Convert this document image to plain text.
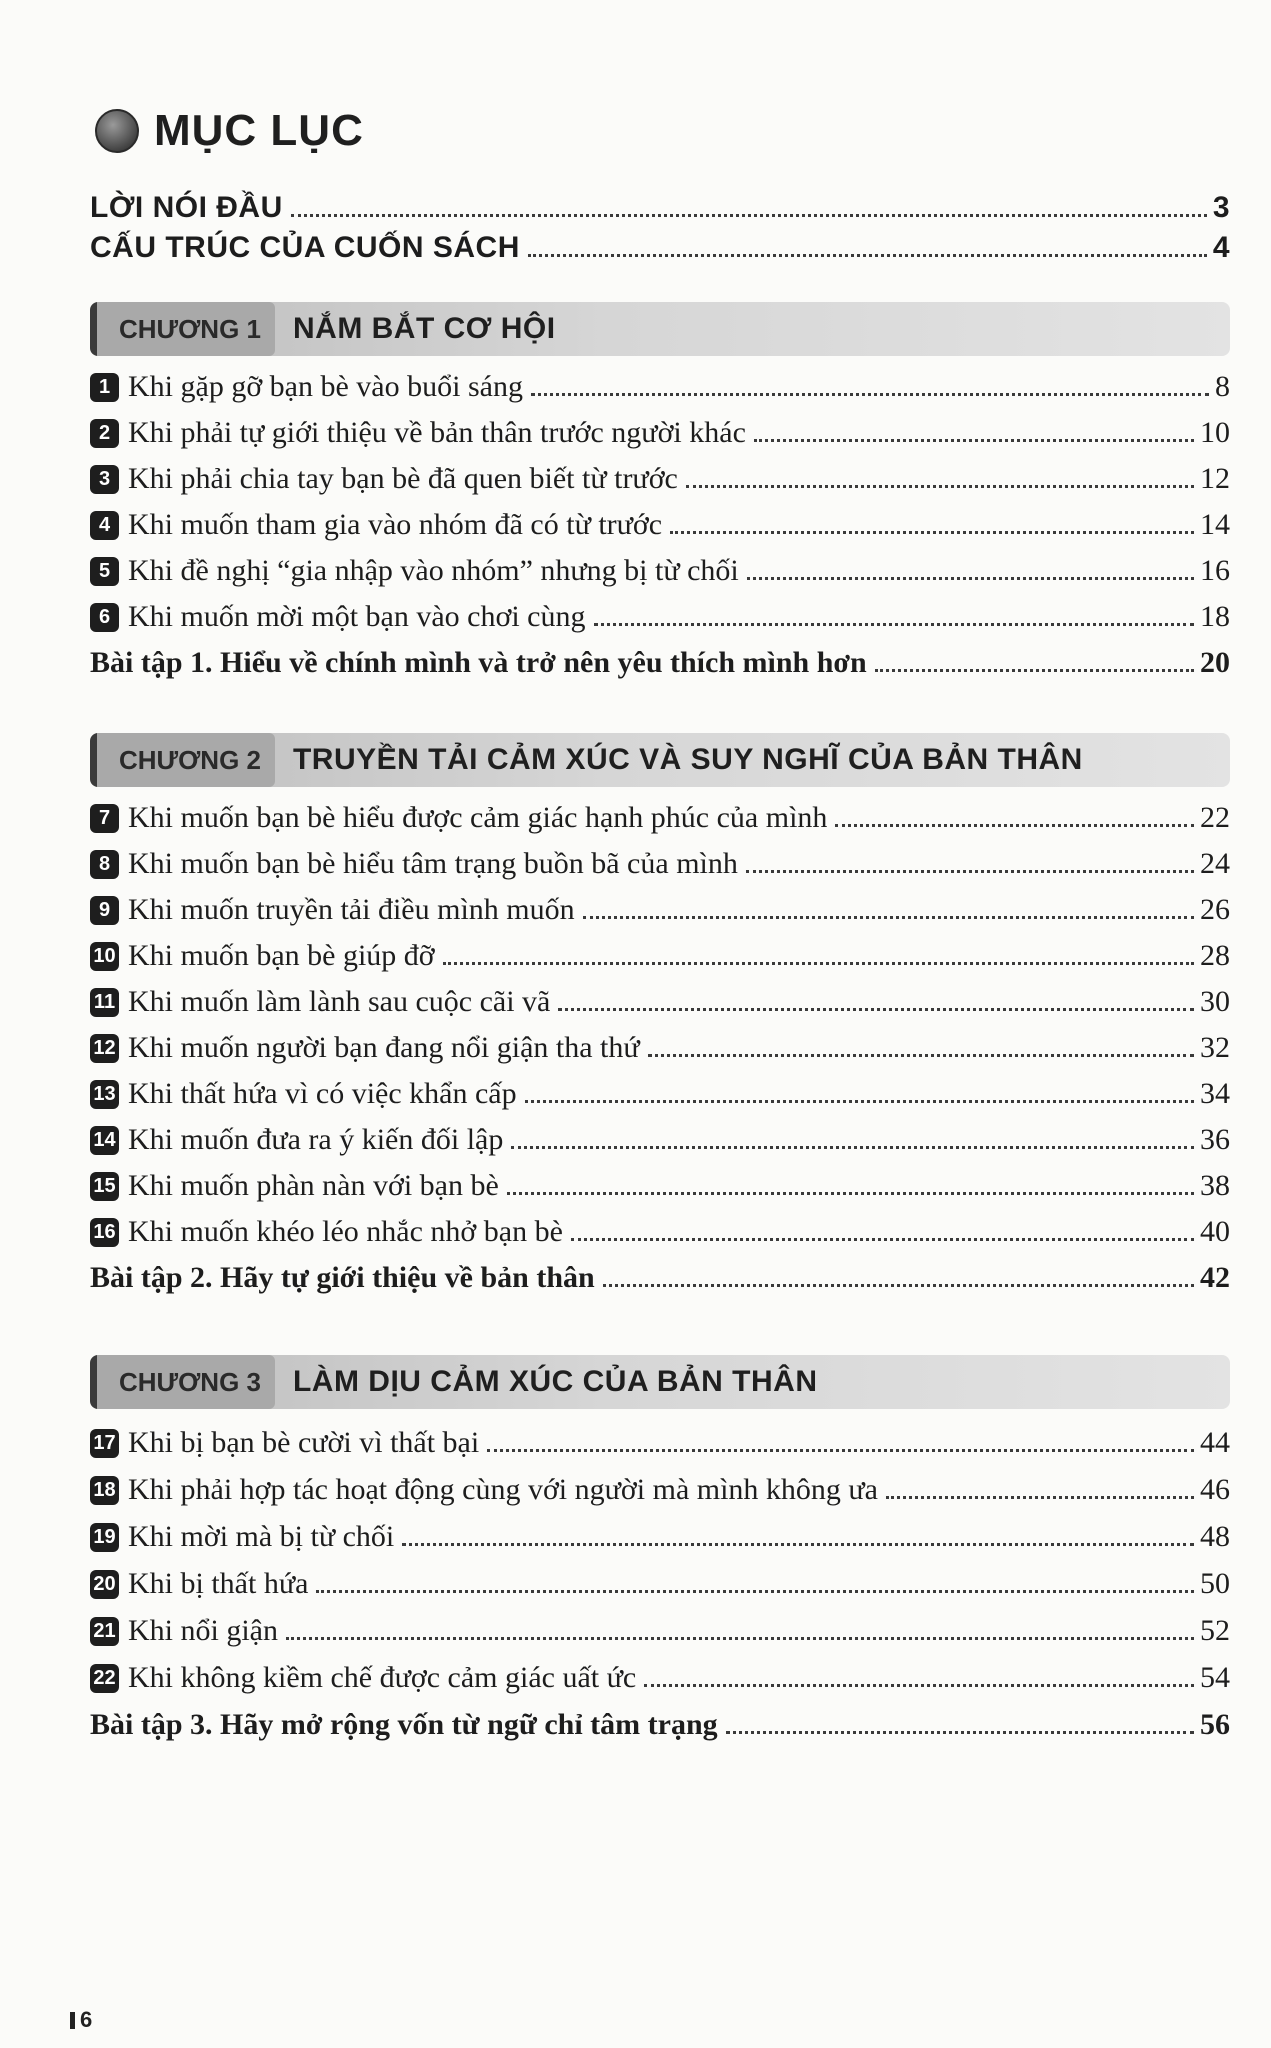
MỤC LỤC
LỜI NÓI ĐẦU	3
CẤU TRÚC CỦA CUỐN SÁCH	4
CHƯƠNG 1	NẮM BẮT CƠ HỘI
1 Khi gặp gỡ bạn bè vào buổi sáng	8
2 Khi phải tự giới thiệu về bản thân trước người khác	10
3 Khi phải chia tay bạn bè đã quen biết từ trước	12
4 Khi muốn tham gia vào nhóm đã có từ trước	14
5 Khi đề nghị “gia nhập vào nhóm” nhưng bị từ chối	16
6 Khi muốn mời một bạn vào chơi cùng	18
Bài tập 1. Hiểu về chính mình và trở nên yêu thích mình hơn	20
CHƯƠNG 2	TRUYỀN TẢI CẢM XÚC VÀ SUY NGHĨ CỦA BẢN THÂN
7 Khi muốn bạn bè hiểu được cảm giác hạnh phúc của mình	22
8 Khi muốn bạn bè hiểu tâm trạng buồn bã của mình	24
9 Khi muốn truyền tải điều mình muốn	26
10 Khi muốn bạn bè giúp đỡ	28
11 Khi muốn làm lành sau cuộc cãi vã	30
12 Khi muốn người bạn đang nổi giận tha thứ	32
13 Khi thất hứa vì có việc khẩn cấp	34
14 Khi muốn đưa ra ý kiến đối lập	36
15 Khi muốn phàn nàn với bạn bè	38
16 Khi muốn khéo léo nhắc nhở bạn bè	40
Bài tập 2. Hãy tự giới thiệu về bản thân	42
CHƯƠNG 3	LÀM DỊU CẢM XÚC CỦA BẢN THÂN
17 Khi bị bạn bè cười vì thất bại	44
18 Khi phải hợp tác hoạt động cùng với người mà mình không ưa	46
19 Khi mời mà bị từ chối	48
20 Khi bị thất hứa	50
21 Khi nổi giận	52
22 Khi không kiềm chế được cảm giác uất ức	54
Bài tập 3. Hãy mở rộng vốn từ ngữ chỉ tâm trạng	56
6
